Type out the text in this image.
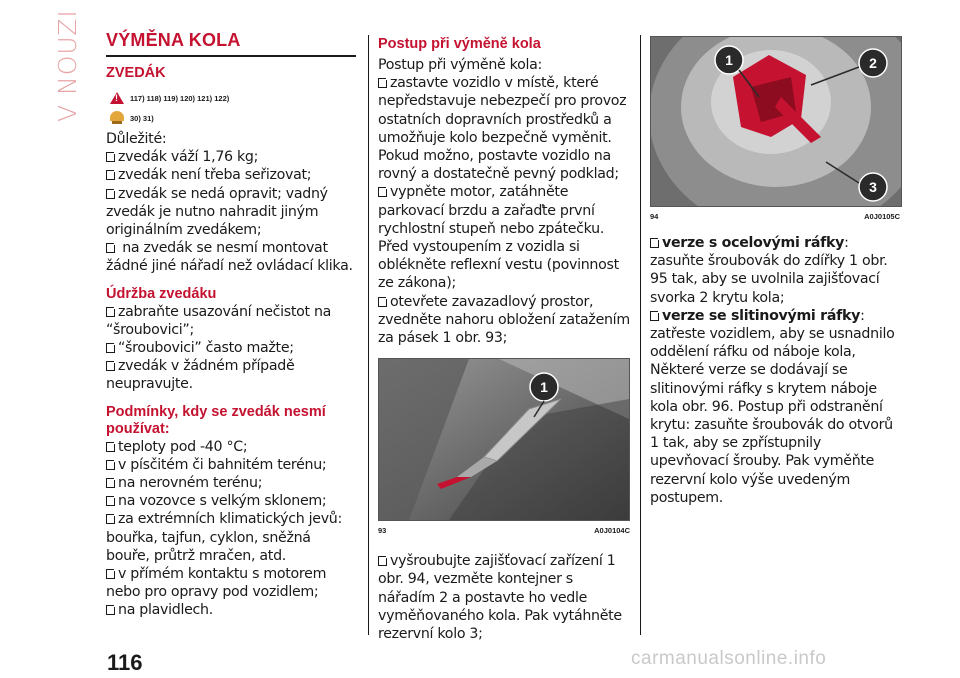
V NOUZI VÝMĚNA KOLA
ZVEDÁK
!
117) 118) 119) 120) 121) 122)
30) 31)

Důležité:

zvedák váží 1,76 kg;

zvedák není třeba seřizovat;

zvedák se nedá opravit; vadný zvedák je nutno nahradit jiným originálním zvedákem;

na zvedák se nesmí montovat žádné jiné nářadí než ovládací klika.

Údržba zvedáku

zabraňte usazování nečistot na “šroubovici”;

“šroubovici” často mažte;

zvedák v žádném případě neupravujte.

Podmínky, kdy se zvedák nesmí používat:

teploty pod -40 °C;

v písčitém či bahnitém terénu;

na nerovném terénu;

na vozovce s velkým sklonem;

za extrémních klimatických jevů: bouřka, tajfun, cyklon, sněžná bouře, průtrž mračen, atd.

v přímém kontaktu s motorem nebo pro opravy pod vozidlem;

na plavidlech.

Postup při výměně kola

Postup při výměně kola:

zastavte vozidlo v místě, které nepředstavuje nebezpečí pro provoz ostatních dopravních prostředků a umožňuje kolo bezpečně vyměnit. Pokud možno, postavte vozidlo na rovný a dostatečně pevný podklad;

vypněte motor, zatáhněte parkovací brzdu a zařaďte první rychlostní stupeň nebo zpátečku. Před vystoupením z vozidla si oblékněte reflexní vestu (povinnost ze zákona);

otevřete zavazadlový prostor, zvedněte nahoru obložení zatažením za pásek 1 obr. 93;

1
93	A0J0104C

vyšroubujte zajišťovací zařízení 1 obr. 94, vezměte kontejner s nářadím 2 a postavte ho vedle vyměňovaného kola. Pak vytáhněte rezervní kolo 3;

1	2
3
94	A0J0105C

verze s ocelovými ráfky: zasuňte šroubovák do zdířky 1 obr. 95 tak, aby se uvolnila zajišťovací svorka 2 krytu kola;

verze se slitinovými ráfky: zatřeste vozidlem, aby se usnadnilo oddělení ráfku od náboje kola, Některé verze se dodávají se slitinovými ráfky s krytem náboje kola obr. 96. Postup při odstranění krytu: zasuňte šroubovák do otvorů 1 tak, aby se zpřístupnily upevňovací šrouby. Pak vyměňte rezervní kolo výše uvedeným postupem.

116	carmanualsonline.info
